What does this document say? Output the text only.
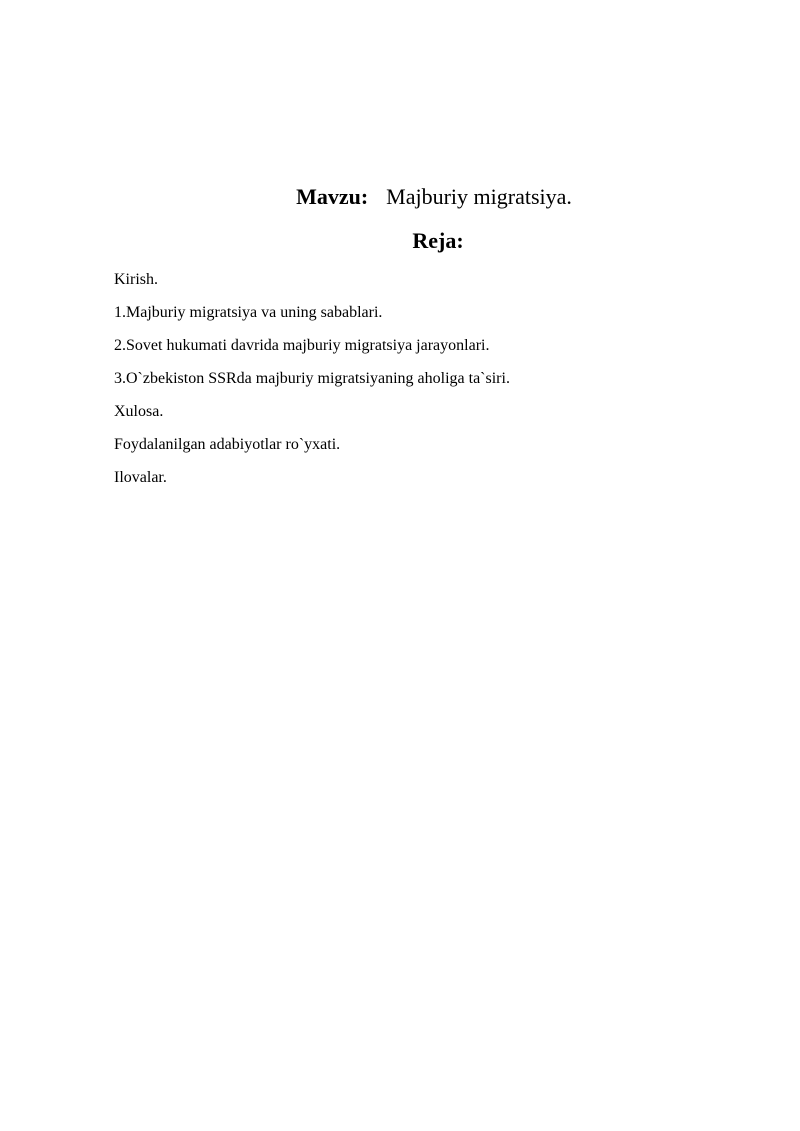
Mavzu: Majburiy migratsiya.
Reja:
Kirish.
1.Majburiy migratsiya va uning sabablari.
2.Sovet hukumati davrida majburiy migratsiya jarayonlari.
3.O`zbekiston SSRda majburiy migratsiyaning aholiga ta`siri.
Xulosa.
Foydalanilgan adabiyotlar ro`yxati.
Ilovalar.
